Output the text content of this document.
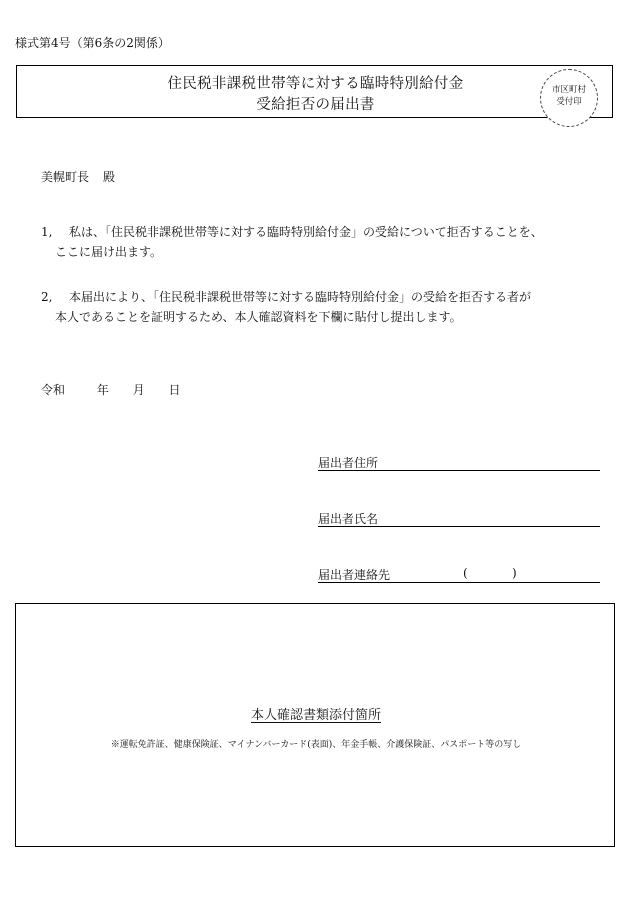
様式第4号（第6条の2関係）
住民税非課税世帯等に対する臨時特別給付金
受給拒否の届出書
市区町村
受付印
美幌町長 殿
1, 私は、「住民税非課税世帯等に対する臨時特別給付金」の受給について拒否することを、
ここに届け出ます。
2, 本届出により、「住民税非課税世帯等に対する臨時特別給付金」の受給を拒否する者が
本人であることを証明するため、本人確認資料を下欄に貼付し提出します。
令和	年 月 日
届出者住所
届出者氏名
届出者連絡先	(	)
本人確認書類添付箇所
※運転免許証、健康保険証、マイナンバーカード(表面)、年金手帳、介護保険証、パスポート等の写し
